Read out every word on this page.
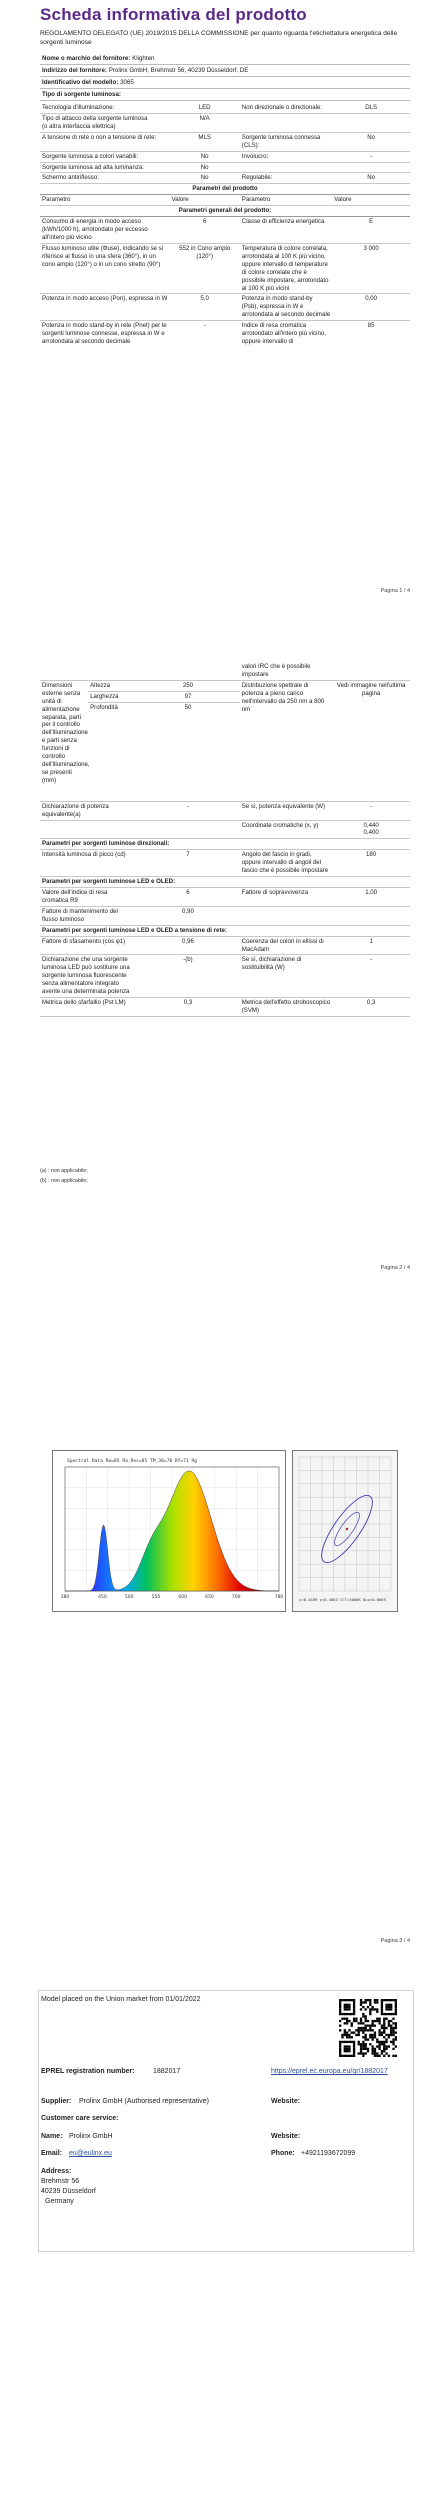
Scheda informativa del prodotto
REGOLAMENTO DELEGATO (UE) 2019/2015 DELLA COMMISSIONE per quanto riguarda l'etichettatura energetica delle sorgenti luminose
Nome o marchio del fornitore: Klighten
Indirizzo del fornitore: Prolinx GmbH, Brehmstr 56, 40239 Düsseldorf, DE
Identificativo del modello: 3065
Tipo di sorgente luminosa:
Tecnologia d'illuminazione:	LED	Non direzionale o direzionale:	DLS
Tipo di attacco della sorgente luminosa
(o altra interfaccia elettrica)	N/A		
A tensione di rete o non a tensione di rete:	MLS	Sorgente luminosa connessa (CLS):	No
Sorgente luminosa a colori variabili:	No	Involucro:	-
Sorgente luminosa ad alta luminanza:	No		
Schermo antiriflesso:	No	Regolabile:	No
Parametri del prodotto			
Parametro	Valore	Parametro	Valore
Parametri generali del prodotto:			
Consumo di energia in modo acceso (kWh/1000 h), arrotondato per eccesso all'intero più vicino	6	Classe di efficienza energetica	E
Flusso luminoso utile (Φuse), indicando se si riferisce al flusso in una sfera (360°), in un cono ampio (120°) o in un cono stretto (90°)	552 in Cono ampio (120°)	Temperatura di colore correlata, arrotondata al 100 K più vicino, oppure intervallo di temperature di colore correlate che è possibile impostare, arrotondato al 100 K più vicini	3 000
Potenza in modo acceso (Pon), espressa in W	5,0	Potenza in modo stand-by (Psb), espressa in W e arrotondata al secondo decimale	0,00
Potenza in modo stand-by in rete (Pnet) per le sorgenti luminose connesse, espressa in W e arrotondata al secondo decimale	-	Indice di resa cromatica arrotondato all'intero più vicino, oppure intervallo di	85
Pagina 1 / 4
				valori IRC che è possibile impostare	
Dimensioni esterne senza unità di alimentazione separata, parti per il controllo dell'illuminazione e parti senza funzioni di controllo dell'illuminazione, se presenti (mm)	Altezza	250		Distribuzione spettrale di potenza a pieno carico nell'intervallo da 250 nm a 800 nm	Vedi immagine nell'ultima pagina
	Larghezza	97			
	Profondità	50			
Dichiarazione di potenza equivalente(a)		-		Se sì, potenza equivalente (W)	-
				Coordinate cromatiche (x, y)	0,440
0,400
Parametri per sorgenti luminose direzionali:					
Intensità luminosa di picco (cd)		7		Angolo del fascio in gradi, oppure intervallo di angoli del fascio che è possibile impostare	180
Parametri per sorgenti luminose LED e OLED:					
Valore dell'indice di resa cromatica R9		6		Fattore di sopravvivenza	1,00
Fattore di mantenimento del flusso luminoso		0,90			
Parametri per sorgenti luminose LED e OLED a tensione di rete:					
Fattore di sfasamento (cos φ1)		0,96		Coerenza dei colori in ellissi di MacAdam	1
Dichiarazione che una sorgente luminosa LED può sostituire una sorgente luminosa fluorescente senza alimentatore integrato avente una determinata potenza		-(b)		Se sì, dichiarazione di sostituibilità (W)	-
Metrica dello sfarfallio (Pst LM)		0,3		Metrica dell'effetto stroboscopico (SVM)	0,3
(a) : non applicabile;
(b) : non applicabile;
Pagina 2 / 4
Spectral Data Ra=85 Ra_Rec=85 TM_30=70 Rf=71 Rg
380	450	500	550	600	650	700	780	x=0.4409 y=0.4003 CCT=3000K Duv=0.0005
Pagina 3 / 4
Model placed on the Union market from 01/01/2022
EPREL registration number:	1882017	https://eprel.ec.europa.eu/qr/1882017
Supplier: Prolinx GmbH (Authorised representative)	Website:
Customer care service:
Name: Prolinx GmbH	Website:
Email: eu@eulinx.eu	Phone: +4921193672099
Address:
Brehmstr 56
40239 Düsseldorf
Germany
